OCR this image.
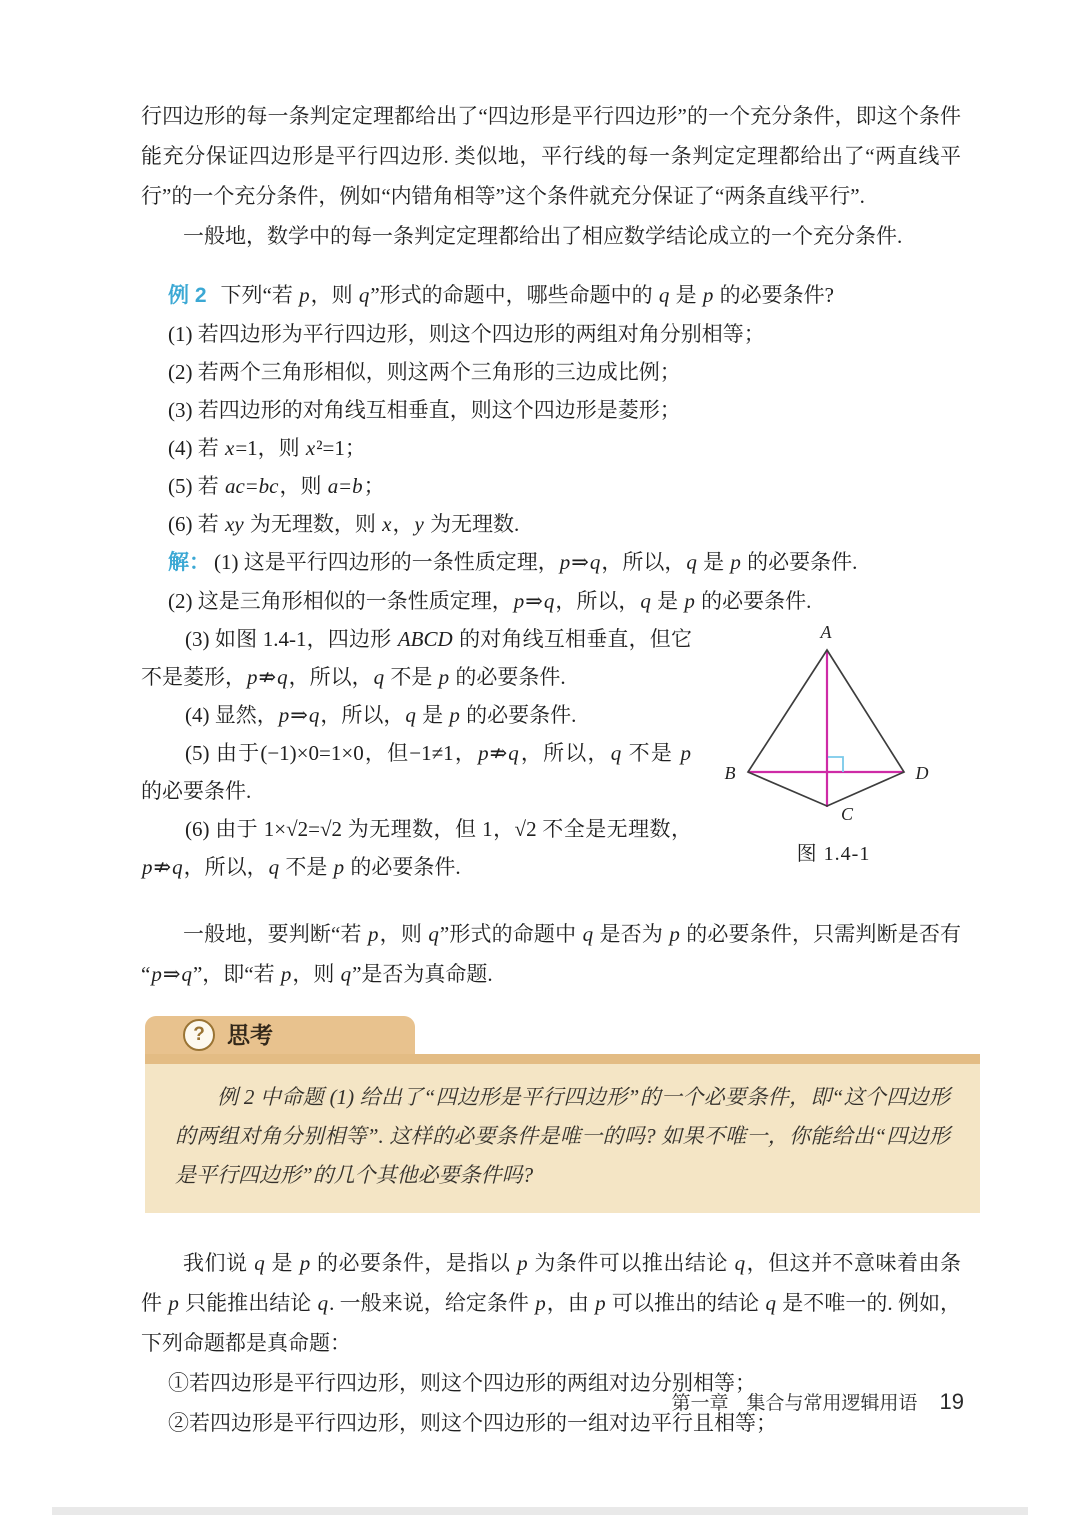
行四边形的每一条判定定理都给出了“四边形是平行四边形”的一个充分条件，即这个条件能充分保证四边形是平行四边形. 类似地，平行线的每一条判定定理都给出了“两直线平行”的一个充分条件，例如“内错角相等”这个条件就充分保证了“两条直线平行”.

一般地，数学中的每一条判定定理都给出了相应数学结论成立的一个充分条件.

例 2 下列“若 p，则 q”形式的命题中，哪些命题中的 q 是 p 的必要条件?

(1) 若四边形为平行四边形，则这个四边形的两组对角分别相等；

(2) 若两个三角形相似，则这两个三角形的三边成比例；

(3) 若四边形的对角线互相垂直，则这个四边形是菱形；

(4) 若 x=1，则 x²=1；

(5) 若 ac=bc，则 a=b；

(6) 若 xy 为无理数，则 x，y 为无理数.

解： (1) 这是平行四边形的一条性质定理，p⇒q，所以，q 是 p 的必要条件.

(2) 这是三角形相似的一条性质定理，p⇒q，所以，q 是 p 的必要条件.

A
B
C
D
图 1.4-1

(3) 如图 1.4-1，四边形 ABCD 的对角线互相垂直，但它不是菱形，p⇏q，所以，q 不是 p 的必要条件.

(4) 显然，p⇒q，所以，q 是 p 的必要条件.

(5) 由于(−1)×0=1×0，但−1≠1，p⇏q，所以，q 不是 p 的必要条件.

(6) 由于 1×√2=√2 为无理数，但 1，√2 不全是无理数，p⇏q，所以，q 不是 p 的必要条件.

一般地，要判断“若 p，则 q”形式的命题中 q 是否为 p 的必要条件，只需判断是否有“p⇒q”，即“若 p，则 q”是否为真命题.

? 思考

例 2 中命题 (1) 给出了“四边形是平行四边形”的一个必要条件，即“这个四边形的两组对角分别相等”. 这样的必要条件是唯一的吗? 如果不唯一，你能给出“四边形是平行四边形”的几个其他必要条件吗?

我们说 q 是 p 的必要条件，是指以 p 为条件可以推出结论 q，但这并不意味着由条件 p 只能推出结论 q. 一般来说，给定条件 p，由 p 可以推出的结论 q 是不唯一的. 例如，下列命题都是真命题：

①若四边形是平行四边形，则这个四边形的两组对边分别相等；

②若四边形是平行四边形，则这个四边形的一组对边平行且相等；

第一章 集合与常用逻辑用语 19
